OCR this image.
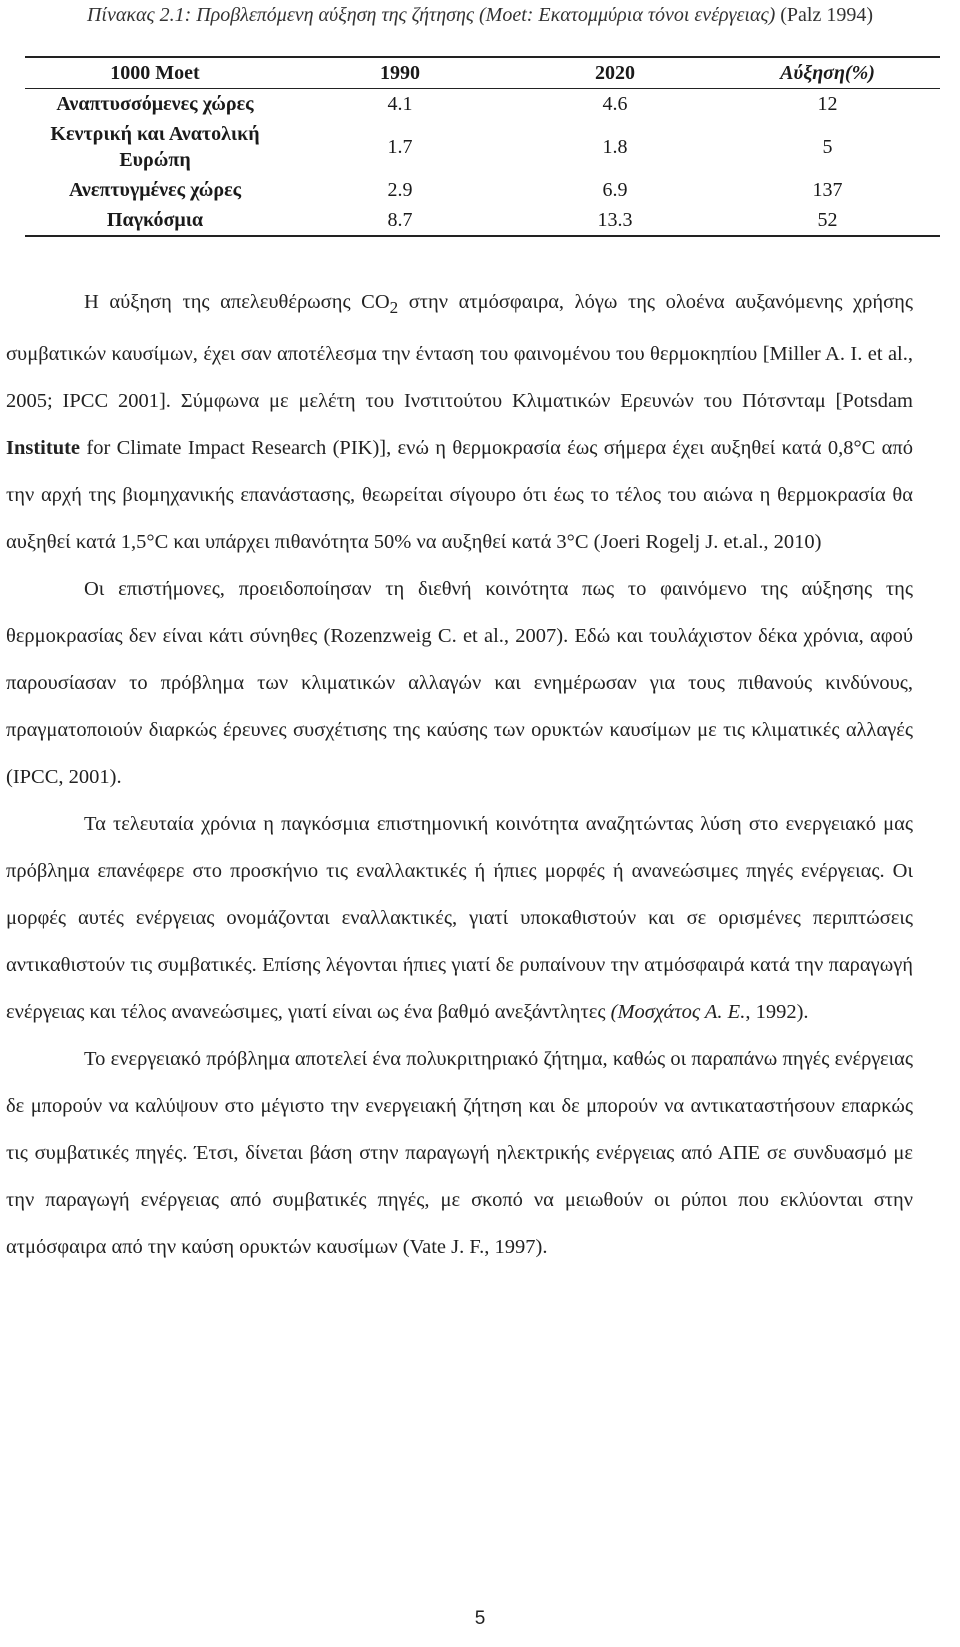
Πίνακας 2.1: Προβλεπόμενη αύξηση της ζήτησης (Moet: Εκατομμύρια τόνοι ενέργειας) (Palz 1994)
1000 Moet	1990	2020	Αύξηση(%)
Αναπτυσσόμενες χώρες	4.1	4.6	12
Κεντρική και Ανατολική Ευρώπη	1.7	1.8	5
Ανεπτυγμένες χώρες	2.9	6.9	137
Παγκόσμια	8.7	13.3	52

Η αύξηση της απελευθέρωσης $CO_2$ στην ατμόσφαιρα, λόγω της ολοένα αυξανόμενης χρήσης συμβατικών καυσίμων, έχει σαν αποτέλεσμα την ένταση του φαινομένου του θερμοκηπίου [Miller A. I. et al., 2005; IPCC 2001]. Σύμφωνα με μελέτη του Ινστιτούτου Κλιματικών Ερευνών του Πότσνταμ [Potsdam Institute for Climate Impact Research (PIK)], ενώ η θερμοκρασία έως σήμερα έχει αυξηθεί κατά 0,8°C από την αρχή της βιομηχανικής επανάστασης, θεωρείται σίγουρο ότι έως το τέλος του αιώνα η θερμοκρασία θα αυξηθεί κατά 1,5°C και υπάρχει πιθανότητα 50% να αυξηθεί κατά 3°C (Joeri Rogelj J. et.al., 2010)

Οι επιστήμονες, προειδοποίησαν τη διεθνή κοινότητα πως το φαινόμενο της αύξησης της θερμοκρασίας δεν είναι κάτι σύνηθες (Rozenzweig C. et al., 2007). Εδώ και τουλάχιστον δέκα χρόνια, αφού παρουσίασαν το πρόβλημα των κλιματικών αλλαγών και ενημέρωσαν για τους πιθανούς κινδύνους, πραγματοποιούν διαρκώς έρευνες συσχέτισης της καύσης των ορυκτών καυσίμων με τις κλιματικές αλλαγές (IPCC, 2001).

Τα τελευταία χρόνια η παγκόσμια επιστημονική κοινότητα αναζητώντας λύση στο ενεργειακό μας πρόβλημα επανέφερε στο προσκήνιο τις εναλλακτικές ή ήπιες μορφές ή ανανεώσιμες πηγές ενέργειας. Οι μορφές αυτές ενέργειας ονομάζονται εναλλακτικές, γιατί υποκαθιστούν και σε ορισμένες περιπτώσεις αντικαθιστούν τις συμβατικές. Επίσης λέγονται ήπιες γιατί δε ρυπαίνουν την ατμόσφαιρά κατά την παραγωγή ενέργειας και τέλος ανανεώσιμες, γιατί είναι ως ένα βαθμό ανεξάντλητες (Μοσχάτος Α. Ε., 1992).

Το ενεργειακό πρόβλημα αποτελεί ένα πολυκριτηριακό ζήτημα, καθώς οι παραπάνω πηγές ενέργειας δε μπορούν να καλύψουν στο μέγιστο την ενεργειακή ζήτηση και δε μπορούν να αντικαταστήσουν επαρκώς τις συμβατικές πηγές. Έτσι, δίνεται βάση στην παραγωγή ηλεκτρικής ενέργειας από ΑΠΕ σε συνδυασμό με την παραγωγή ενέργειας από συμβατικές πηγές, με σκοπό να μειωθούν οι ρύποι που εκλύονται στην ατμόσφαιρα από την καύση ορυκτών καυσίμων (Vate J. F., 1997).

5
